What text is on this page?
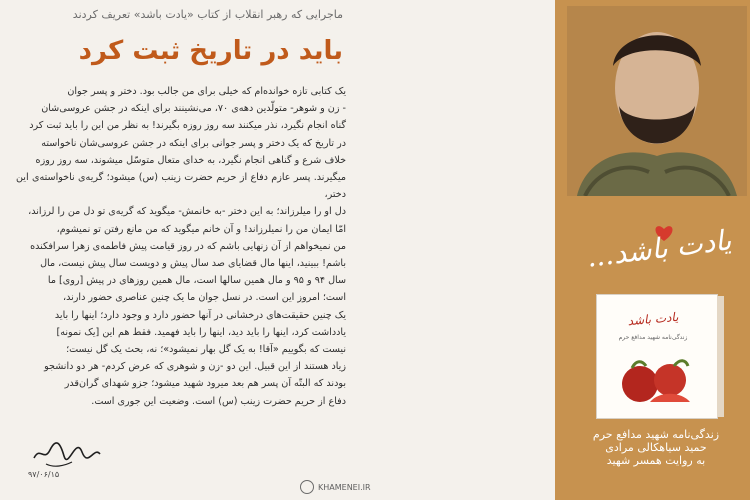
ماجرایی که رهبر انقلاب از کتاب «یادت باشد» تعریف کردند
باید در تاریخ ثبت کرد
یک کتابی تازه خوانده‌ام که خیلی برای من جالب بود. دختر و پسر جوان
- زن و شوهر- متولّدین دهه‌ی ۷۰، می‌نشینند برای اینکه در جشن عروسی‌شان
گناه انجام نگیرد، نذر میکنند سه روز روزه بگیرند! به نظر من این را باید ثبت کرد
در تاریخ که یک دختر و پسر جوانی برای اینکه در جشن عروسی‌شان ناخواسته
خلاف شرع و گناهی انجام نگیرد، به خدای متعال متوسّل میشوند، سه روز روزه
میگیرند. پسر عازم دفاع از حریم حضرت زینب (س) میشود؛ گریه‌ی ناخواسته‌ی این دختر،
دل او را میلرزاند؛ به این دختر -به خانمش- میگوید که گریه‌ی تو دل من را لرزاند،
امّا ایمان من را نمیلرزاند! و آن خانم میگوید که من مانع رفتن تو نمیشوم،
من نمیخواهم از آن زنهایی باشم که در روز قیامت پیش فاطمه‌ی زهرا سرافکنده
باشم! ببینید، اینها مال قضایای صد سال پیش و دویست سال پیش نیست، مال
سال ۹۴ و ۹۵ و مال همین سالها است، مال همین روزهای در پیش [روی] ما
است؛ امروز این است. در نسل جوان ما یک چنین عناصری حضور دارند،
یک چنین حقیقت‌های درخشانی در آنها حضور دارد و وجود دارد؛ اینها را باید
یادداشت کرد، اینها را باید دید، اینها را باید فهمید. فقط هم این [یک نمونه]
نیست که بگوییم «آقا! به یک گل بهار نمیشود»؛ نه، بحث یک گل نیست؛
زیاد هستند از این قبیل. این دو -زن و شوهری که عرض کردم- هر دو دانشجو
بودند که البتّه آن پسر هم بعد میرود شهید میشود؛ جزو شهدای گران‌قدر
دفاع از حریم حضرت زینب (س) است. وضعیت این جوری است.
۹۷/۰۶/۱۵
KHAMENEI.IR
یادت باشد...
یادت باشد
زندگی‌نامه شهید مدافع حرم
زندگی‌نامه شهید مدافع حرم
حمید سیاهکالی مرادی
به روایت همسر شهید
